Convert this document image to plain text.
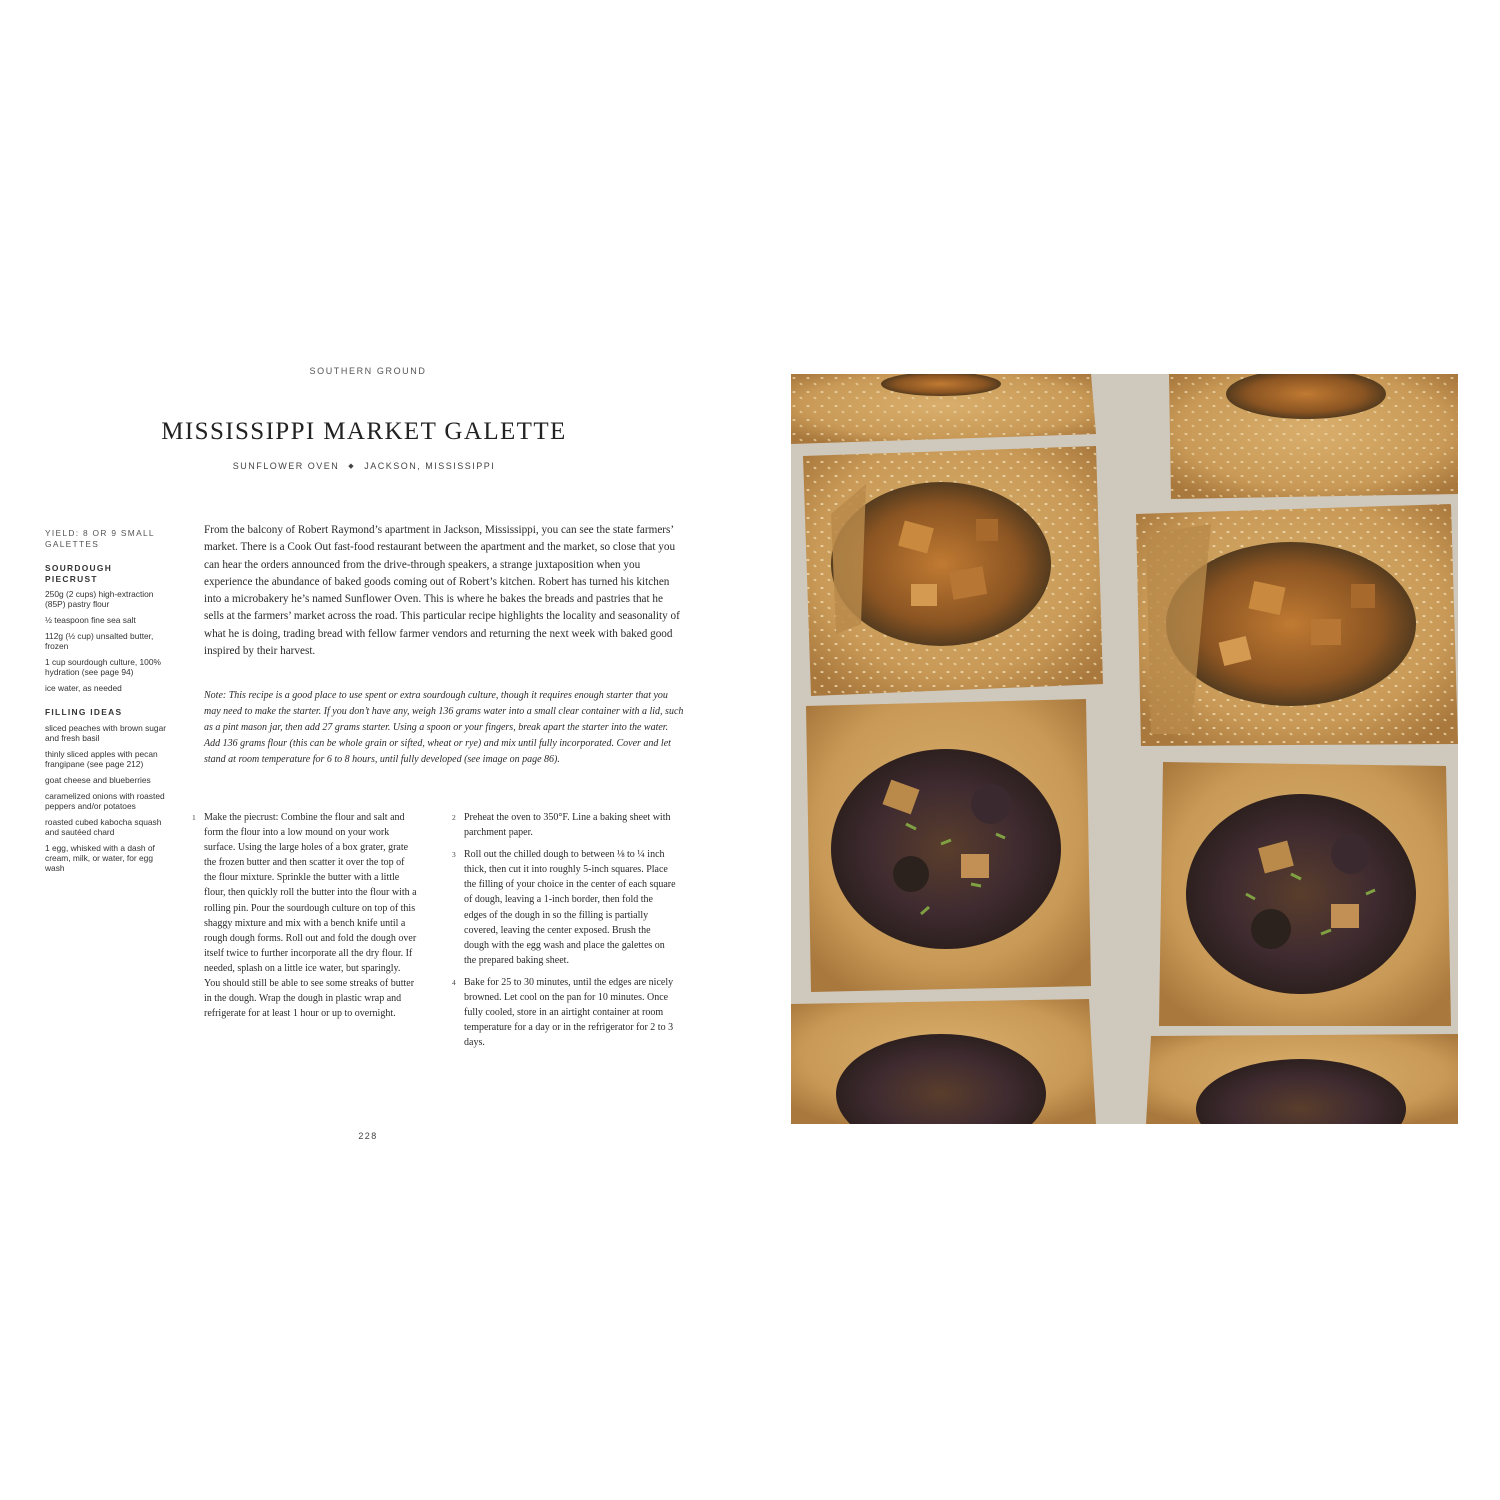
SOUTHERN GROUND
MISSISSIPPI MARKET GALETTE
SUNFLOWER OVEN ◆ JACKSON, MISSISSIPPI
YIELD: 8 OR 9 SMALL GALETTES
SOURDOUGH PIECRUST
250g (2 cups) high-extraction (85P) pastry flour
½ teaspoon fine sea salt
112g (½ cup) unsalted butter, frozen
1 cup sourdough culture, 100% hydration (see page 94)
ice water, as needed
FILLING IDEAS
sliced peaches with brown sugar and fresh basil
thinly sliced apples with pecan frangipane (see page 212)
goat cheese and blueberries
caramelized onions with roasted peppers and/or potatoes
roasted cubed kabocha squash and sautéed chard
1 egg, whisked with a dash of cream, milk, or water, for egg wash

From the balcony of Robert Raymond’s apartment in Jackson, Mississippi, you can see the state farmers’ market. There is a Cook Out fast-food restaurant between the apartment and the market, so close that you can hear the orders announced from the drive-through speakers, a strange juxtaposition when you experience the abundance of baked goods coming out of Robert’s kitchen. Robert has turned his kitchen into a microbakery he’s named Sunflower Oven. This is where he bakes the breads and pastries that he sells at the farmers’ market across the road. This particular recipe highlights the locality and seasonality of what he is doing, trading bread with fellow farmer vendors and returning the next week with baked good inspired by their harvest.

Note: This recipe is a good place to use spent or extra sourdough culture, though it requires enough starter that you may need to make the starter. If you don’t have any, weigh 136 grams water into a small clear container with a lid, such as a pint mason jar, then add 27 grams starter. Using a spoon or your fingers, break apart the starter into the water. Add 136 grams flour (this can be whole grain or sifted, wheat or rye) and mix until fully incorporated. Cover and let stand at room temperature for 6 to 8 hours, until fully developed (see image on page 86).

1 Make the piecrust: Combine the flour and salt and form the flour into a low mound on your work surface. Using the large holes of a box grater, grate the frozen butter and then scatter it over the top of the flour mixture. Sprinkle the butter with a little flour, then quickly roll the butter into the flour with a rolling pin. Pour the sourdough culture on top of this shaggy mixture and mix with a bench knife until a rough dough forms. Roll out and fold the dough over itself twice to further incorporate all the dry flour. If needed, splash on a little ice water, but sparingly. You should still be able to see some streaks of butter in the dough. Wrap the dough in plastic wrap and refrigerate for at least 1 hour or up to overnight.
2 Preheat the oven to 350°F. Line a baking sheet with parchment paper.
3 Roll out the chilled dough to between ⅛ to ¼ inch thick, then cut it into roughly 5-inch squares. Place the filling of your choice in the center of each square of dough, leaving a 1-inch border, then fold the edges of the dough in so the filling is partially covered, leaving the center exposed. Brush the dough with the egg wash and place the galettes on the prepared baking sheet.
4 Bake for 25 to 30 minutes, until the edges are nicely browned. Let cool on the pan for 10 minutes. Once fully cooled, store in an airtight container at room temperature for a day or in the refrigerator for 2 to 3 days.
228
